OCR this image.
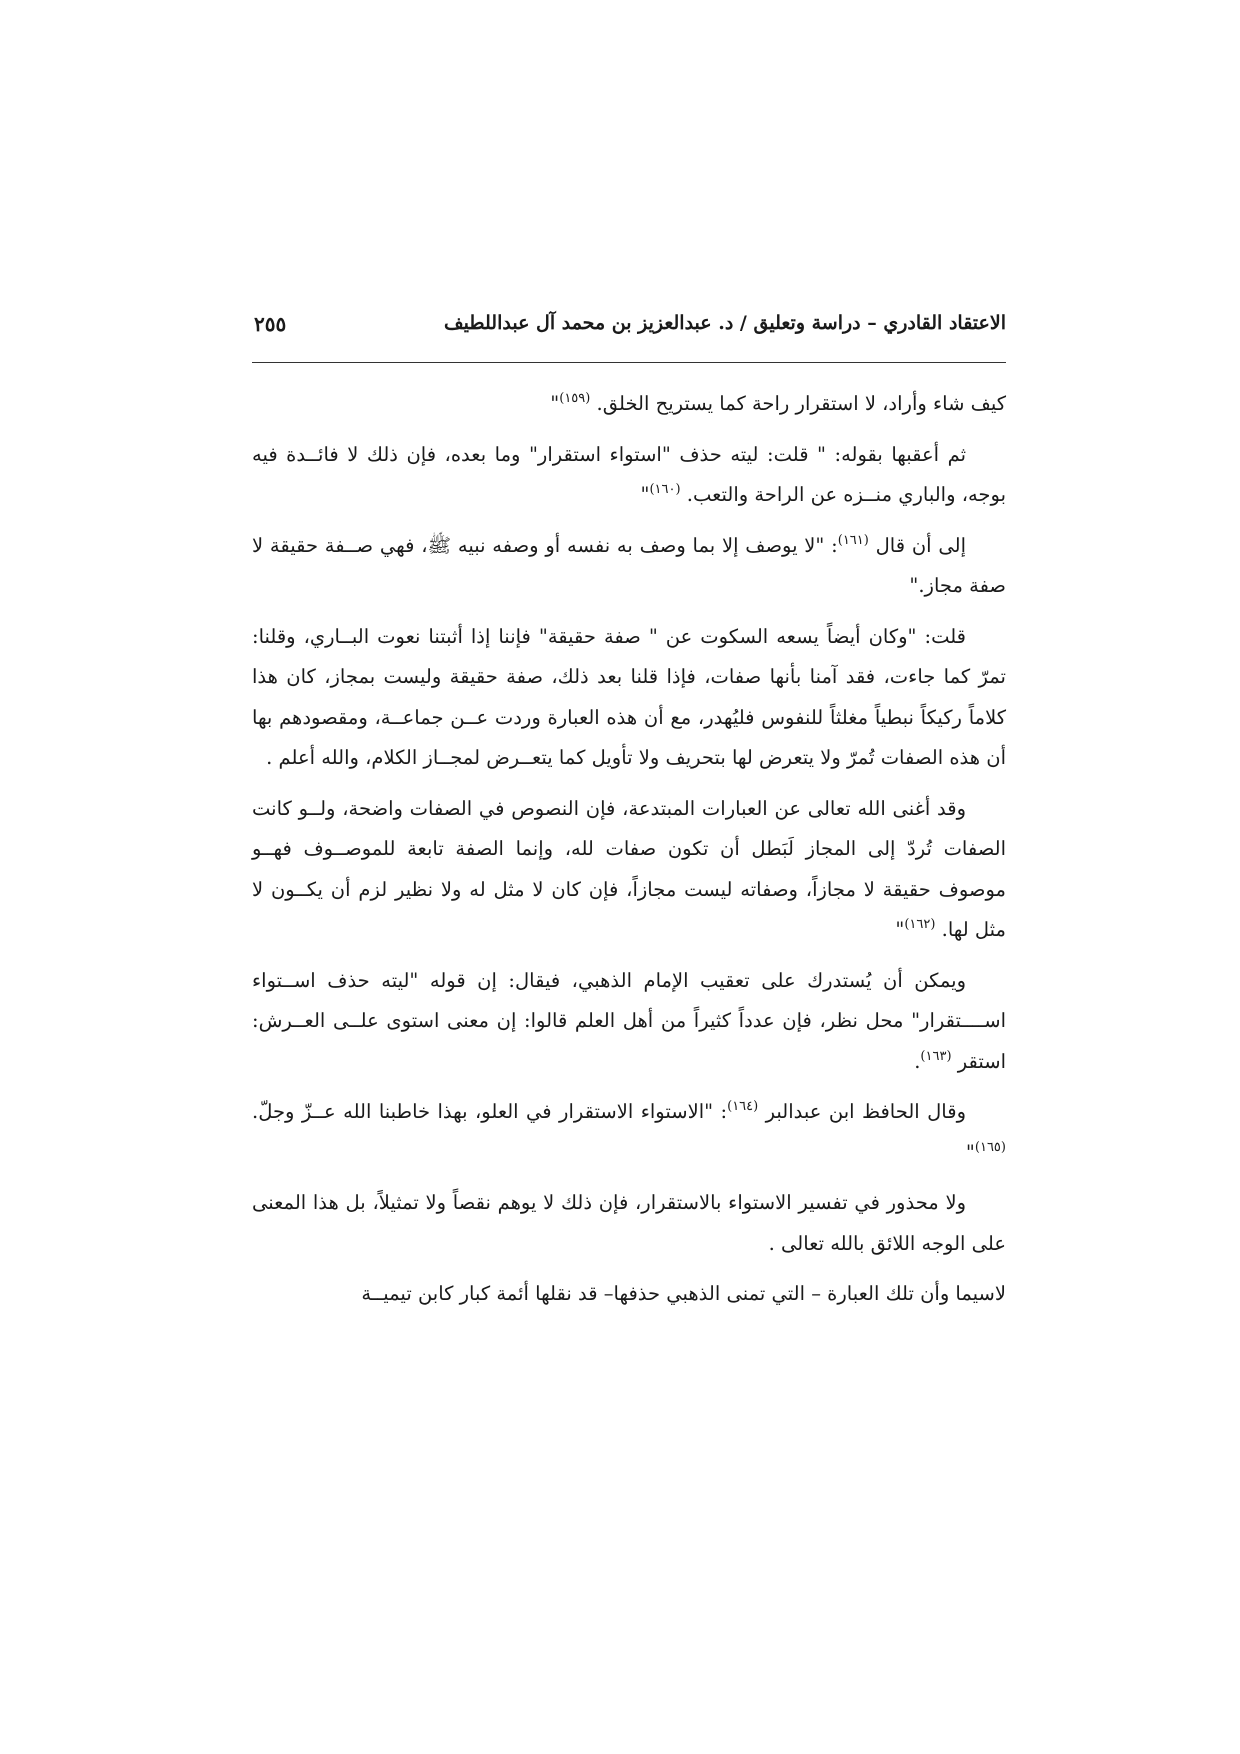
الاعتقاد القادري – دراسة وتعليق / د. عبدالعزيز بن محمد آل عبداللطيف
٢٥٥

كيف شاء وأراد، لا استقرار راحة كما يستريح الخلق. $^{(١٥٩)}$"

ثم أعقبها بقوله: " قلت: ليته حذف "استواء استقرار" وما بعده، فإن ذلك لا فائــدة فيه بوجه، والباري منــزه عن الراحة والتعب. $^{(١٦٠)}$"

إلى أن قال $^{(١٦١)}$: "لا يوصف إلا بما وصف به نفسه أو وصفه نبيه ﷺ، فهي صــفة حقيقة لا صفة مجاز."

قلت: "وكان أيضاً يسعه السكوت عن " صفة حقيقة" فإننا إذا أثبتنا نعوت البــاري، وقلنا: تمرّ كما جاءت، فقد آمنا بأنها صفات، فإذا قلنا بعد ذلك، صفة حقيقة وليست بمجاز، كان هذا كلاماً ركيكاً نبطياً مغلثاً للنفوس فليُهدر، مع أن هذه العبارة وردت عــن جماعــة، ومقصودهم بها أن هذه الصفات تُمرّ ولا يتعرض لها بتحريف ولا تأويل كما يتعــرض لمجــاز الكلام، والله أعلم .

وقد أغنى الله تعالى عن العبارات المبتدعة، فإن النصوص في الصفات واضحة، ولــو كانت الصفات تُردّ إلى المجاز لَبَطل أن تكون صفات لله، وإنما الصفة تابعة للموصــوف فهــو موصوف حقيقة لا مجازاً، وصفاته ليست مجازاً، فإن كان لا مثل له ولا نظير لزم أن يكــون لا مثل لها. $^{(١٦٢)}$"

ويمكن أن يُستدرك على تعقيب الإمام الذهبي، فيقال: إن قوله "ليته حذف اســتواء اســــتقرار" محل نظر، فإن عدداً كثيراً من أهل العلم قالوا: إن معنى استوى علــى العــرش: استقر $^{(١٦٣)}$.

وقال الحافظ ابن عبدالبر $^{(١٦٤)}$: "الاستواء الاستقرار في العلو، بهذا خاطبنا الله عــزّ وجلّ.$^{(١٦٥)}$"

ولا محذور في تفسير الاستواء بالاستقرار، فإن ذلك لا يوهم نقصاً ولا تمثيلاً، بل هذا المعنى على الوجه اللائق بالله تعالى .

لاسيما وأن تلك العبارة – التي تمنى الذهبي حذفها– قد نقلها أئمة كبار كابن تيميــة
